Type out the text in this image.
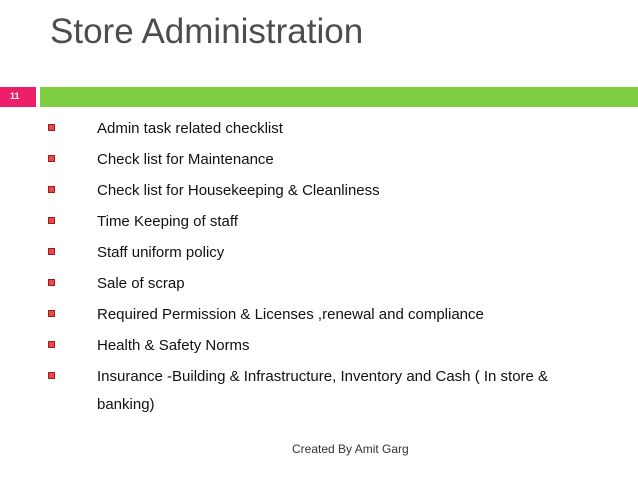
Store Administration
11
Admin task related checklist
Check list for Maintenance
Check list for Housekeeping & Cleanliness
Time Keeping of staff
Staff uniform policy
Sale of scrap
Required Permission & Licenses ,renewal and compliance
Health & Safety Norms
Insurance -Building & Infrastructure, Inventory and Cash ( In store & banking)
Created By Amit Garg
